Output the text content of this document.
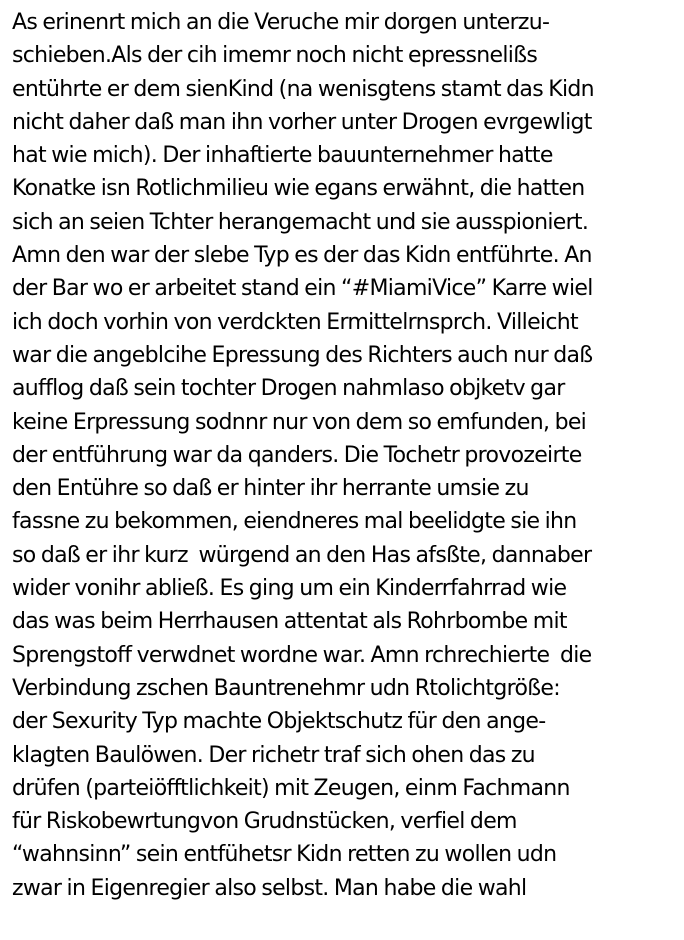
As erinenrt mich an die Veruche mir dorgen unterzu-
schieben.Als der cih imemr noch nicht epressnelißs
entührte er dem sienKind (na wenisgtens stamt das Kidn
nicht daher daß man ihn vorher unter Drogen evrgewligt
hat wie mich). Der inhaftierte bauunternehmer hatte
Konatke isn Rotlichmilieu wie egans erwähnt, die hatten
sich an seien Tchter herangemacht und sie ausspioniert.
Amn den war der slebe Typ es der das Kidn entführte. An
der Bar wo er arbeitet stand ein “#MiamiVice” Karre wiel
ich doch vorhin von verdckten Ermittelrnsprch. Villeicht
war die angeblcihe Epressung des Richters auch nur daß
aufflog daß sein tochter Drogen nahmlaso objketv gar
keine Erpressung sodnnr nur von dem so emfunden, bei
der entführung war da qanders. Die Tochetr provozeirte
den Entühre so daß er hinter ihr herrante umsie zu
fassne zu bekommen, eiendneres mal beelidgte sie ihn
so daß er ihr kurz  würgend an den Has afsßte, dannaber
wider vonihr abließ. Es ging um ein Kinderrfahrrad wie
das was beim Herrhausen attentat als Rohrbombe mit
Sprengstoff verwdnet wordne war. Amn rchrechierte  die
Verbindung zschen Bauntrenehmr udn Rtolichtgröße:
der Sexurity Typ machte Objektschutz für den ange-
klagten Baulöwen. Der richetr traf sich ohen das zu
drüfen (parteiöfftlichkeit) mit Zeugen, einm Fachmann
für Riskobewrtungvon Grudnstücken, verfiel dem
“wahnsinn” sein entfühetsr Kidn retten zu wollen udn
zwar in Eigenregier also selbst. Man habe die wahl
